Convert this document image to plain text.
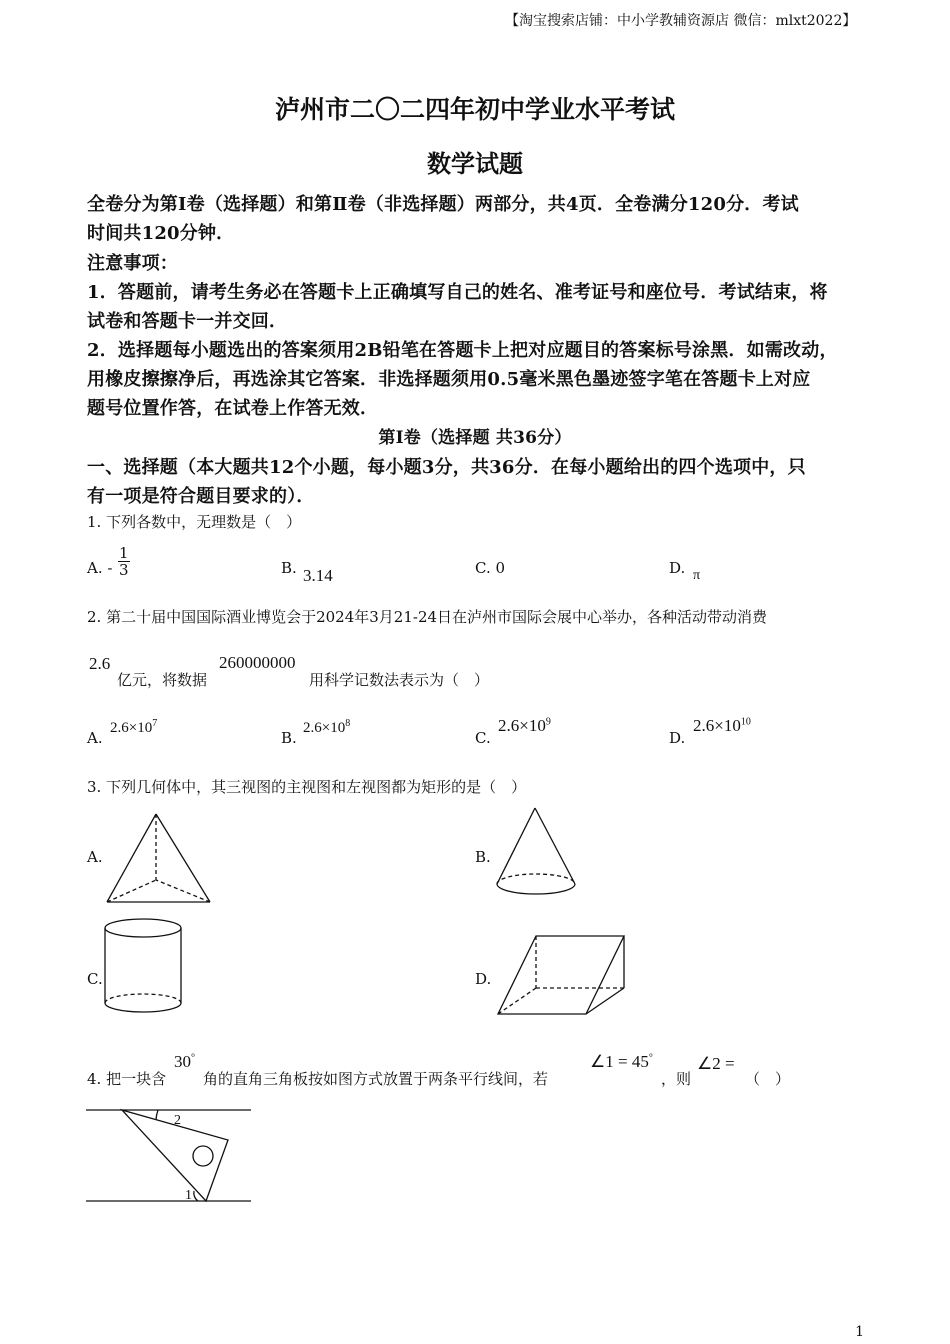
【淘宝搜索店铺：中小学教辅资源店 微信：mlxt2022】
泸州市二〇二四年初中学业水平考试
数学试题
全卷分为第Ⅰ卷（选择题）和第Ⅱ卷（非选择题）两部分，共4页．全卷满分120分．考试
时间共120分钟．
注意事项：
1．答题前，请考生务必在答题卡上正确填写自己的姓名、准考证号和座位号．考试结束，将
试卷和答题卡一并交回．
2．选择题每小题选出的答案须用2B铅笔在答题卡上把对应题目的答案标号涂黑．如需改动，
用橡皮擦擦净后，再选涂其它答案．非选择题须用0.5毫米黑色墨迹签字笔在答题卡上对应
题号位置作答，在试卷上作答无效．
第Ⅰ卷（选择题 共36分）
一、选择题（本大题共12个小题，每小题3分，共36分．在每小题给出的四个选项中，只
有一项是符合题目要求的）．
1. 下列各数中，无理数是（　）
A. - $\frac{1}{3}$	B. 3.14	C. 0	D. π
2. 第二十届中国国际酒业博览会于2024年3月21-24日在泸州市国际会展中心举办，各种活动带动消费
2.6
亿元，将数据
260000000
用科学记数法表示为（　）
A.
$2.6\times 10^7$
B.
$2.6\times 10^8$
C.
$2.6\times 10^9$
D.
$2.6\times 10^{10}$
3. 下列几何体中，其三视图的主视图和左视图都为矩形的是（　）
A.	B.
C.	D.
4. 把一块含
30°
角的直角三角板按如图方式放置于两条平行线间，若
∠1 = 45°
，则
∠2 =
（　）
2
1
1
